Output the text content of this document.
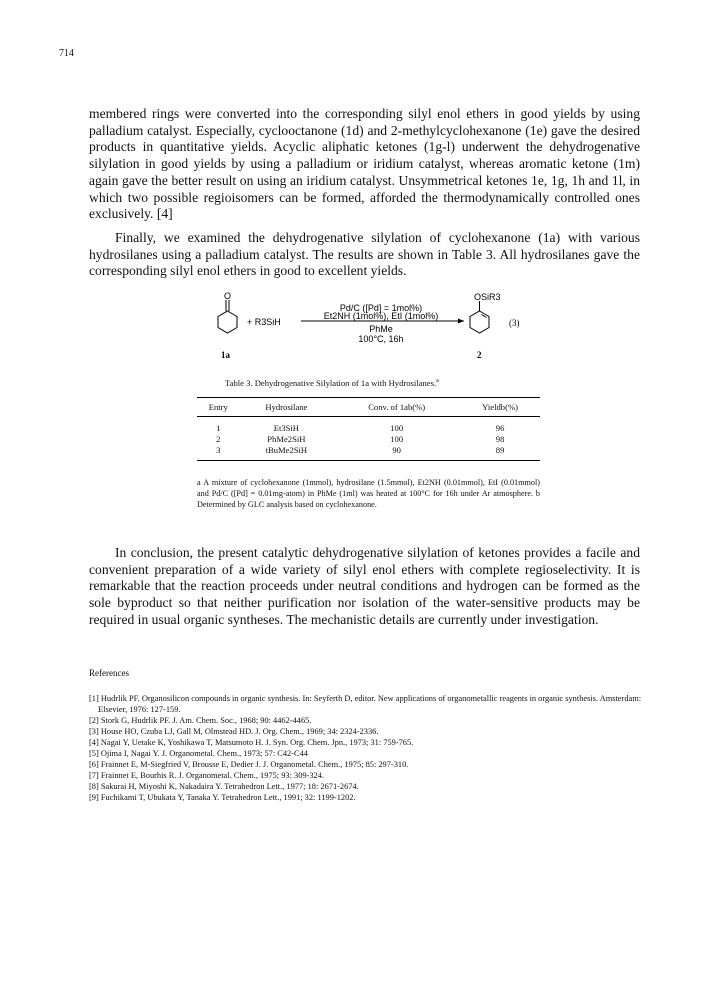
714

membered rings were converted into the corresponding silyl enol ethers in good yields by using palladium catalyst. Especially, cyclooctanone (1d) and 2-methylcyclohexanone (1e) gave the desired products in quantitative yields. Acyclic aliphatic ketones (1g-l) underwent the dehydrogenative silylation in good yields by using a palladium or iridium catalyst, whereas aromatic ketone (1m) again gave the better result on using an iridium catalyst. Unsymmetrical ketones 1e, 1g, 1h and 1l, in which two possible regioisomers can be formed, afforded the thermodynamically controlled ones exclusively. [4]

Finally, we examined the dehydrogenative silylation of cyclohexanone (1a) with various hydrosilanes using a palladium catalyst. The results are shown in Table 3. All hydrosilanes gave the corresponding silyl enol ethers in good to excellent yields.

O
1a
+ R3SiH
Pd/C ([Pd] = 1mol%)
Et2NH (1mol%), EtI (1mol%)
PhMe
100°C, 16h
OSiR3
2
(3)
Table 3. Dehydrogenative Silylation of 1a with Hydrosilanes.$^a$
Entry	Hydrosilane	Conv. of 1ab(%)	Yieldb(%)
1	Et3SiH	100	96
2	PhMe2SiH	100	98
3	tBuMe2SiH	90	89

a A mixture of cyclohexanone (1mmol), hydrosilane (1.5mmol), Et2NH (0.01mmol), EtI (0.01mmol) and Pd/C ([Pd] = 0.01mg-atom) in PhMe (1ml) was heated at 100°C for 16h under Ar atmosphere. b Determined by GLC analysis based on cyclohexanone.

In conclusion, the present catalytic dehydrogenative silylation of ketones provides a facile and convenient preparation of a wide variety of silyl enol ethers with complete regioselectivity. It is remarkable that the reaction proceeds under neutral conditions and hydrogen can be formed as the sole byproduct so that neither purification nor isolation of the water-sensitive products may be required in usual organic syntheses. The mechanistic details are currently under investigation.

References
[1] Hudrlik PF. Organosilicon compounds in organic synthesis. In: Seyferth D, editor. New applications of organometallic reagents in organic synthesis. Amsterdam: Elsevier, 1976: 127-159.
[2] Stork G, Hudrlik PF. J. Am. Chem. Soc., 1968; 90: 4462-4465.
[3] House HO, Czuba LJ, Gall M, Olmstead HD. J. Org. Chem., 1969; 34: 2324-2336.
[4] Nagai Y, Uetake K, Yoshikawa T, Matsumoto H. J. Syn. Org. Chem. Jpn., 1973; 31: 759-765.
[5] Ojima I, Nagai Y. J. Organometal. Chem., 1973; 57: C42-C44
[6] Frainnet E, M-Siegfried V, Brousse E, Dedier J. J. Organometal. Chem., 1975; 85: 297-310.
[7] Frainnet E, Bourhis R. J. Organometal. Chem., 1975; 93: 309-324.
[8] Sakurai H, Miyoshi K, Nakadaira Y. Tetrahedron Lett., 1977; 18: 2671-2674.
[9] Fuchikami T, Ubukata Y, Tanaka Y. Tetrahedron Lett., 1991; 32: 1199-1202.
